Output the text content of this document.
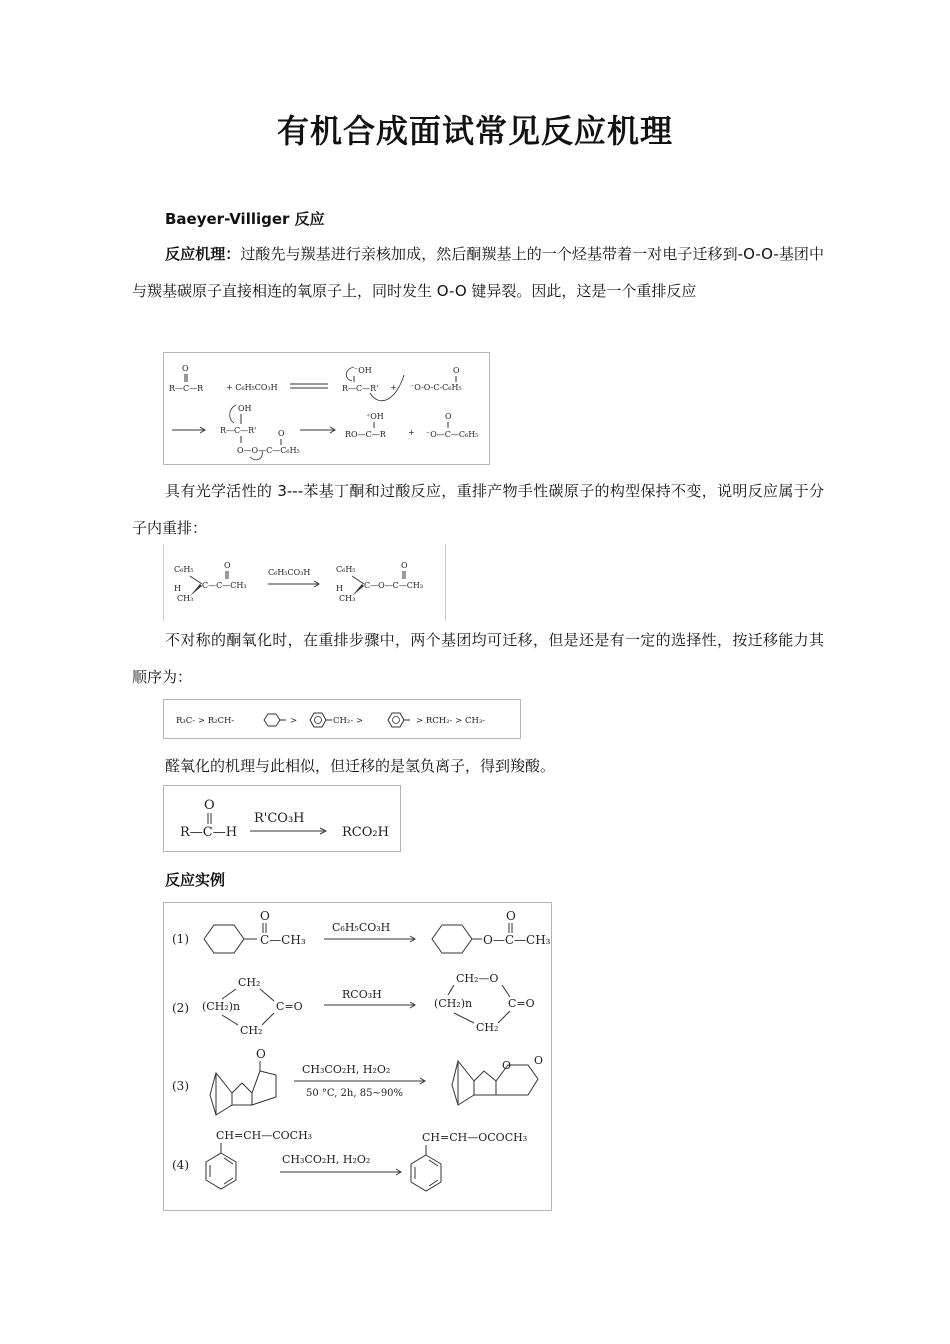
有机合成面试常见反应机理
Baeyer-Villiger 反应

反应机理：过酸先与羰基进行亲核加成，然后酮羰基上的一个烃基带着一对电子迁移到-O-O-基团中与羰基碳原子直接相连的氧原子上，同时发生 O-O 键异裂。因此，这是一个重排反应

O
R—C—R	+ C₆H₅CO₃H
⁻OH
R—C—R' +
O
⁻O-O-C-C₆H₅
OH
R—C—R'	O
O—O—C—C₆H₅
⁺OH
RO—C—R	+
O
⁻O—C—C₆H₅

具有光学活性的 3---苯基丁酮和过酸反应，重排产物手性碳原子的构型保持不变，说明反应属于分子内重排：

C₆H₅
H
CH₃
O
C—C—CH₃
C₆H₅CO₃H	C₆H₅
H
CH₃
O
C—O—C—CH₃

不对称的酮氧化时，在重排步骤中，两个基团均可迁移，但是还是有一定的选择性，按迁移能力其顺序为：

R₃C- > R₂CH-	>	CH₂- >	> RCH₂- > CH₃-

醛氧化的机理与此相似，但迁移的是氢负离子，得到羧酸。

O
R—C—H
R'CO₃H
RCO₂H
反应实例
(1)
O
C—CH₃
C₆H₅CO₃H
O
O—C—CH₃
(2)
CH₂
(CH₂)n	C=O
CH₂
RCO₃H
CH₂—O
(CH₂)n	C=O
CH₂
(3)
O
CH₃CO₂H, H₂O₂
50 °C, 2h, 85~90%
O O
(4)
CH=CH—COCH₃
CH₃CO₂H, H₂O₂
CH=CH—OCOCH₃
